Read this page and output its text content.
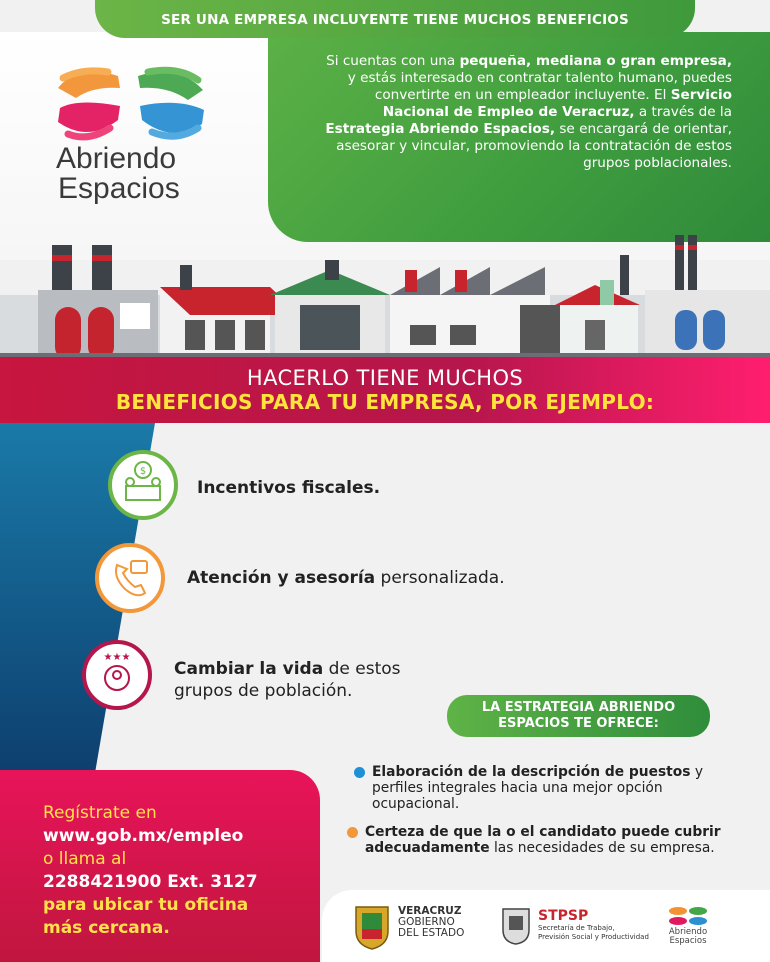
SER UNA EMPRESA INCLUYENTE TIENE MUCHOS BENEFICIOS
Abriendo
Espacios
Si cuentas con una pequeña, mediana o gran empresa, y estás interesado en contratar talento humano, puedes convertirte en un empleador incluyente. El Servicio Nacional de Empleo de Veracruz, a través de la Estrategia Abriendo Espacios, se encargará de orientar, asesorar y vincular, promoviendo la contratación de estos grupos poblacionales.
HACERLO TIENE MUCHOS
BENEFICIOS PARA TU EMPRESA, POR EJEMPLO:
$
Incentivos fiscales.
Atención y asesoría personalizada.
★★★
Cambiar la vida de estos
grupos de población.
LA ESTRATEGIA ABRIENDO
ESPACIOS TE OFRECE:
Elaboración de la descripción de puestos y
perfiles integrales hacia una mejor opción
ocupacional.
Certeza de que la o el candidato puede cubrir
adecuadamente las necesidades de su empresa.
Regístrate en
www.gob.mx/empleo
o llama al
2288421900 Ext. 3127
para ubicar tu oficina
más cercana.
VERACRUZ
GOBIERNO
DEL ESTADO
STPSP
Secretaría de Trabajo,
Previsión Social y Productividad	Abriendo
Espacios
